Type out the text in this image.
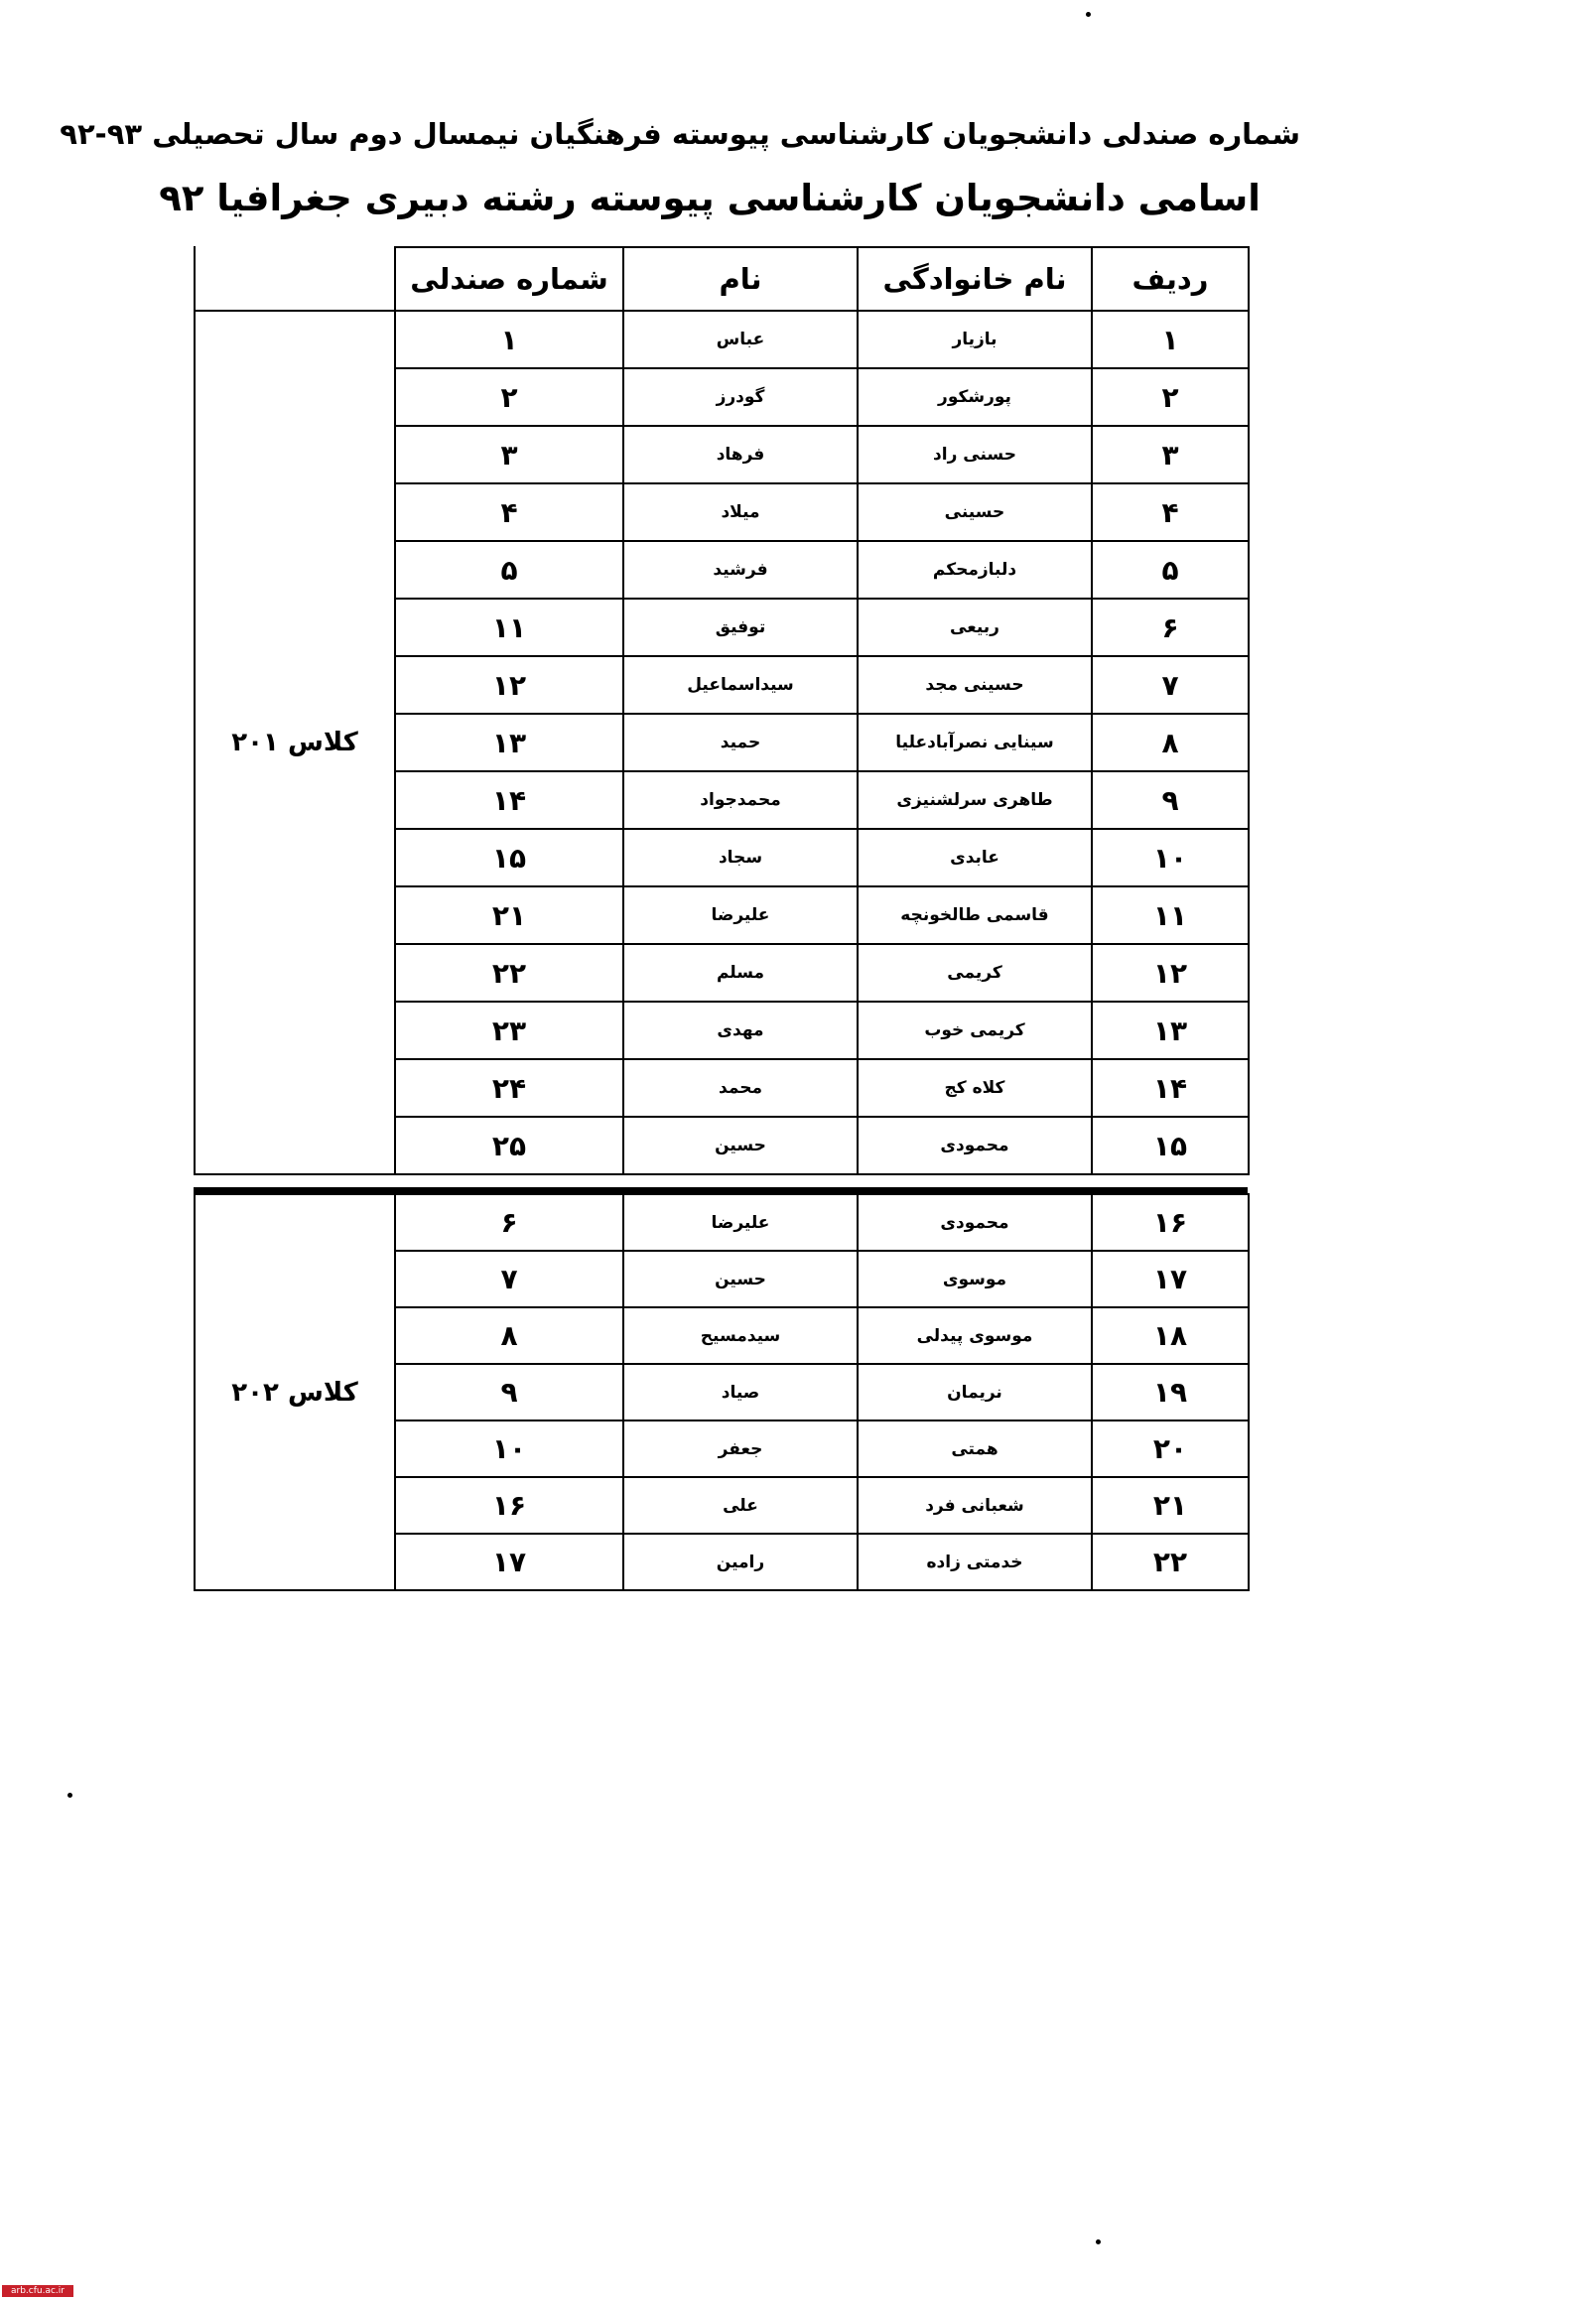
شماره صندلی دانشجویان کارشناسی پیوسته فرهنگیان نیمسال دوم سال تحصیلی ۹۳-۹۲
اسامی دانشجویان کارشناسی پیوسته رشته دبیری جغرافیا ۹۲
ردیف	نام خانوادگی	نام	شماره صندلی	
۱	بازیار	عباس	۱	کلاس ۲۰۱
۲	پورشکور	گودرز	۲	
۳	حسنی راد	فرهاد	۳	
۴	حسینی	میلاد	۴	
۵	دلبازمحکم	فرشید	۵	
۶	ربیعی	توفیق	۱۱	
۷	حسینی مجد	سیداسماعیل	۱۲	
۸	سینایی نصرآبادعلیا	حمید	۱۳	
۹	طاهری سرلشنیزی	محمدجواد	۱۴	
۱۰	عابدی	سجاد	۱۵	
۱۱	قاسمی طالخونچه	علیرضا	۲۱	
۱۲	کریمی	مسلم	۲۲	
۱۳	کریمی خوب	مهدی	۲۳	
۱۴	کلاه کج	محمد	۲۴	
۱۵	محمودی	حسین	۲۵	
۱۶	محمودی	علیرضا	۶	کلاس ۲۰۲
۱۷	موسوی	حسین	۷	
۱۸	موسوی پیدلی	سیدمسیح	۸	
۱۹	نریمان	صیاد	۹	
۲۰	همتی	جعفر	۱۰	
۲۱	شعبانی فرد	علی	۱۶	
۲۲	خدمتی زاده	رامین	۱۷	
arb.cfu.ac.ir
